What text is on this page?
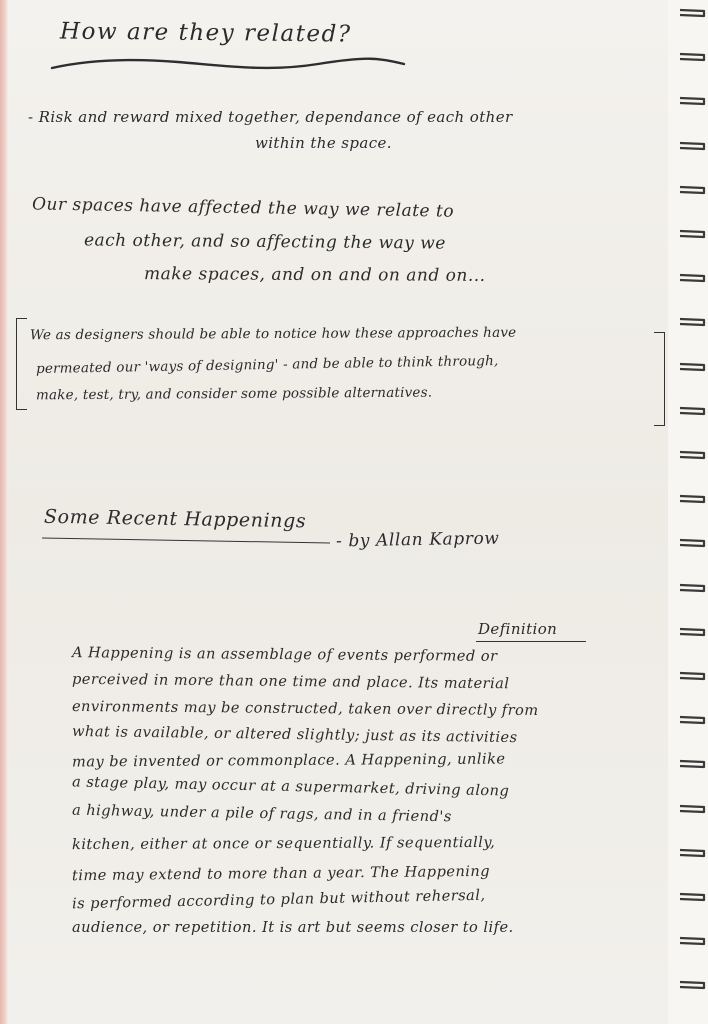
How are they related?

- Risk and reward mixed together, dependance of each other

within the space.

Our spaces have affected the way we relate to

each other, and so affecting the way we

make spaces, and on and on and on...

We as designers should be able to notice how these approaches have

permeated our 'ways of designing' - and be able to think through,

make, test, try, and consider some possible alternatives.

Some Recent Happenings

- by Allan Kaprow

Definition

A Happening is an assemblage of events performed or

perceived in more than one time and place. Its material

environments may be constructed, taken over directly from

what is available, or altered slightly; just as its activities

may be invented or commonplace. A Happening, unlike

a stage play, may occur at a supermarket, driving along

a highway, under a pile of rags, and in a friend's

kitchen, either at once or sequentially. If sequentially,

time may extend to more than a year. The Happening

is performed according to plan but without rehersal,

audience, or repetition. It is art but seems closer to life.
